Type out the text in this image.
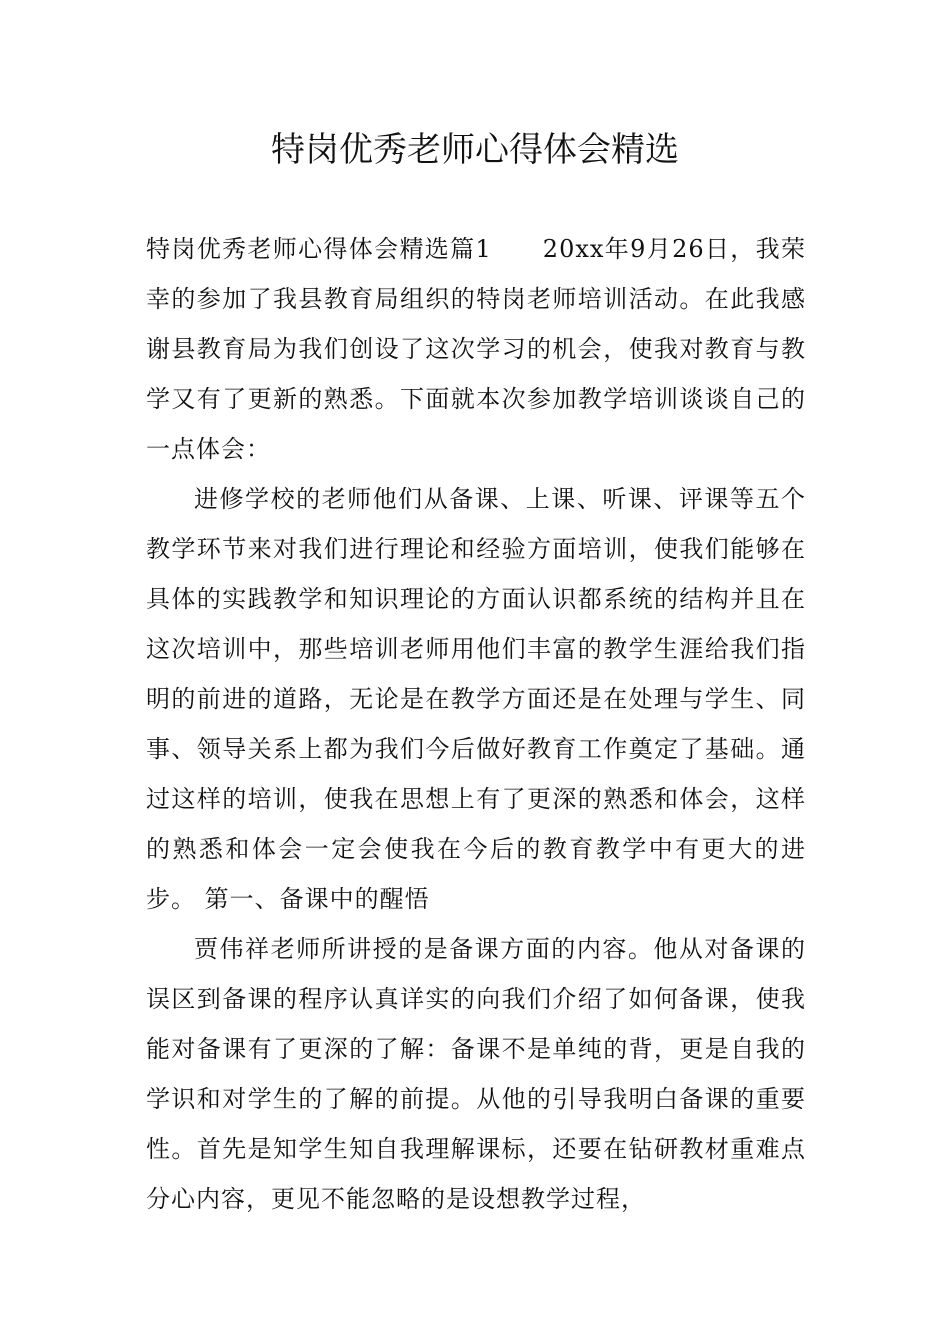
特岗优秀老师心得体会精选

特岗优秀老师心得体会精选篇1　　20xx年9月26日，我荣幸的参加了我县教育局组织的特岗老师培训活动。在此我感谢县教育局为我们创设了这次学习的机会，使我对教育与教学又有了更新的熟悉。下面就本次参加教学培训谈谈自己的一点体会：

进修学校的老师他们从备课、上课、听课、评课等五个教学环节来对我们进行理论和经验方面培训，使我们能够在具体的实践教学和知识理论的方面认识都系统的结构并且在这次培训中，那些培训老师用他们丰富的教学生涯给我们指明的前进的道路，无论是在教学方面还是在处理与学生、同事、领导关系上都为我们今后做好教育工作奠定了基础。通过这样的培训，使我在思想上有了更深的熟悉和体会，这样的熟悉和体会一定会使我在今后的教育教学中有更大的进步。 第一、备课中的醒悟

贾伟祥老师所讲授的是备课方面的内容。他从对备课的误区到备课的程序认真详实的向我们介绍了如何备课，使我能对备课有了更深的了解：备课不是单纯的背，更是自我的学识和对学生的了解的前提。从他的引导我明白备课的重要性。首先是知学生知自我理解课标，还要在钻研教材重难点分心内容，更见不能忽略的是设想教学过程，
